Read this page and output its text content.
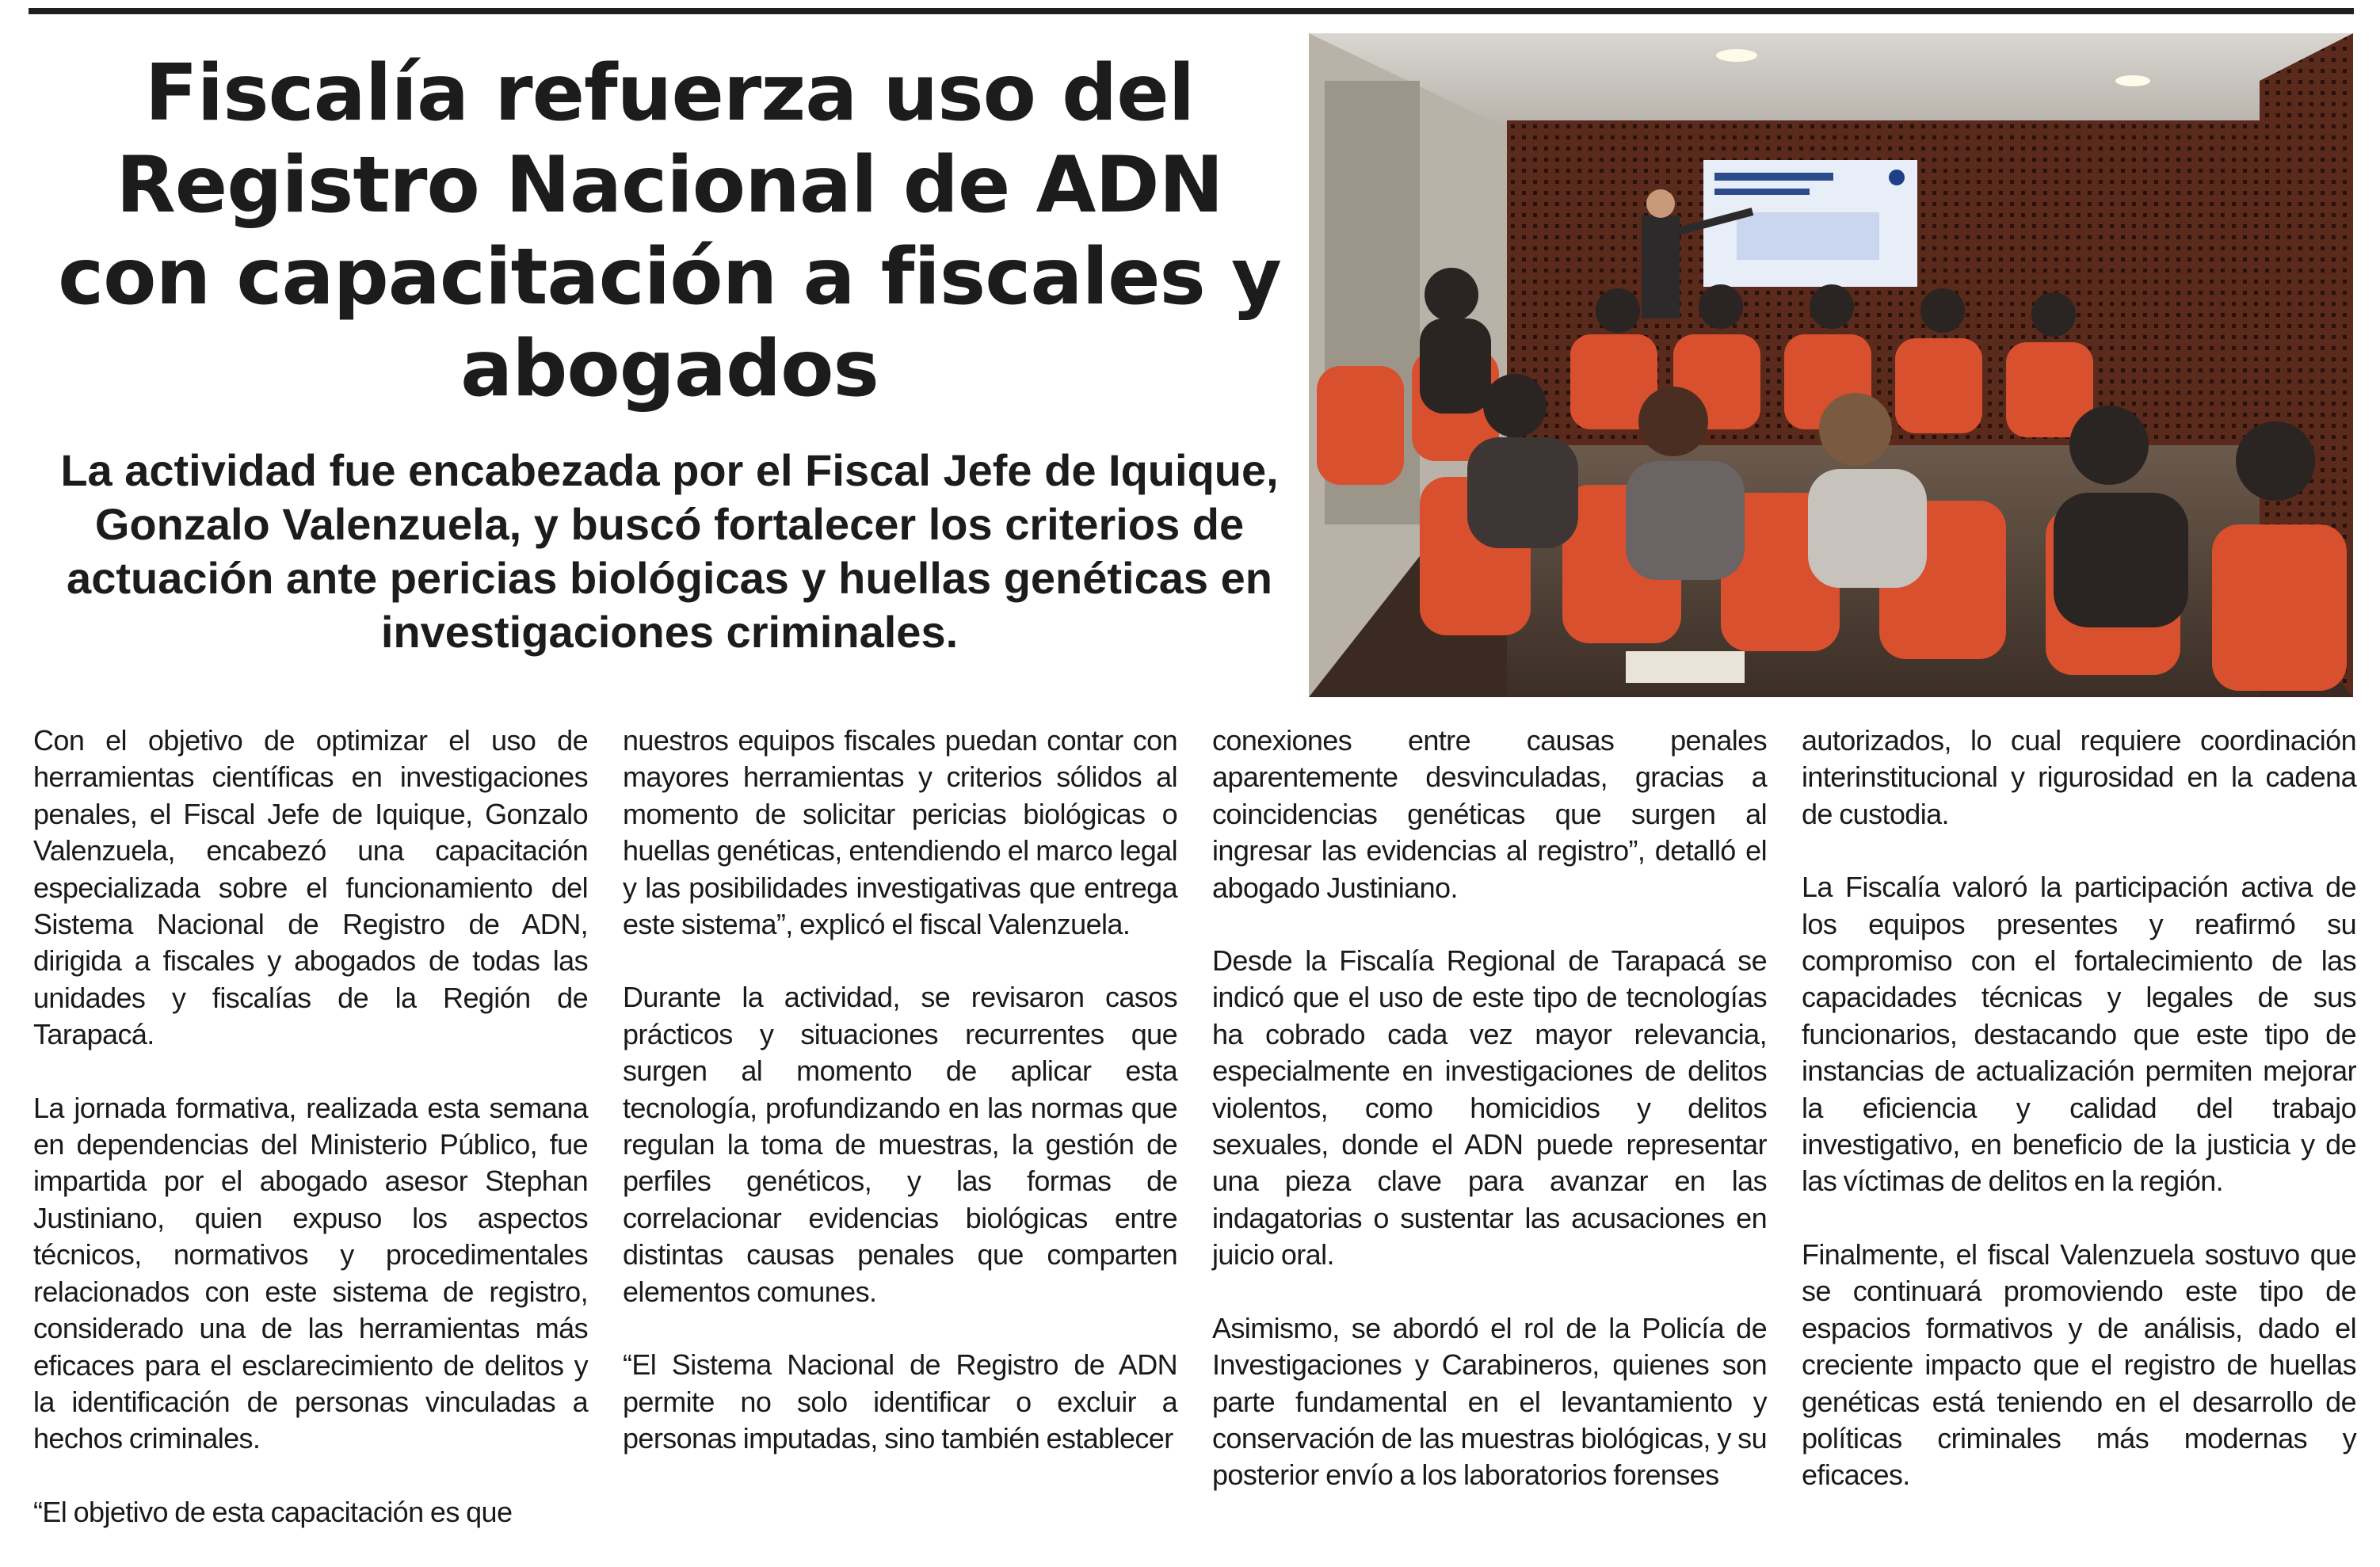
Fiscalía refuerza uso del Registro Nacional de ADN con capacitación a fiscales y abogados
La actividad fue encabezada por el Fiscal Jefe de Iquique, Gonzalo Valenzuela, y buscó fortalecer los criterios de actuación ante pericias biológicas y huellas genéticas en investigaciones criminales.

Con el objetivo de optimizar el uso de herramientas científicas en investigaciones penales, el Fiscal Jefe de Iquique, Gonzalo Valenzuela, encabezó una capacitación especializada sobre el funcionamiento del Sistema Nacional de Registro de ADN, dirigida a fiscales y abogados de todas las unidades y fiscalías de la Región de Tarapacá.

La jornada formativa, realizada esta semana en dependencias del Ministerio Público, fue impartida por el abogado asesor Stephan Justiniano, quien expuso los aspectos técnicos, normativos y procedimentales relacionados con este sistema de registro, considerado una de las herramientas más eficaces para el esclarecimiento de delitos y la identificación de personas vinculadas a hechos criminales.

“El objetivo de esta capacitación es que

nuestros equipos fiscales puedan contar con mayores herramientas y criterios sólidos al momento de solicitar pericias biológicas o huellas genéticas, entendiendo el marco legal y las posibilidades investigativas que entrega este sistema”, explicó el fiscal Valenzuela.

Durante la actividad, se revisaron casos prácticos y situaciones recurrentes que surgen al momento de aplicar esta tecnología, profundizando en las normas que regulan la toma de muestras, la gestión de perfiles genéticos, y las formas de correlacionar evidencias biológicas entre distintas causas penales que comparten elementos comunes.

“El Sistema Nacional de Registro de ADN permite no solo identificar o excluir a personas imputadas, sino también establecer

conexiones entre causas penales aparentemente desvinculadas, gracias a coincidencias genéticas que surgen al ingresar las evidencias al registro”, detalló el abogado Justiniano.

Desde la Fiscalía Regional de Tarapacá se indicó que el uso de este tipo de tecnologías ha cobrado cada vez mayor relevancia, especialmente en investigaciones de delitos violentos, como homicidios y delitos sexuales, donde el ADN puede representar una pieza clave para avanzar en las indagatorias o sustentar las acusaciones en juicio oral.

Asimismo, se abordó el rol de la Policía de Investigaciones y Carabineros, quienes son parte fundamental en el levantamiento y conservación de las muestras biológicas, y su posterior envío a los laboratorios forenses

autorizados, lo cual requiere coordinación interinstitucional y rigurosidad en la cadena de custodia.

La Fiscalía valoró la participación activa de los equipos presentes y reafirmó su compromiso con el fortalecimiento de las capacidades técnicas y legales de sus funcionarios, destacando que este tipo de instancias de actualización permiten mejorar la eficiencia y calidad del trabajo investigativo, en beneficio de la justicia y de las víctimas de delitos en la región.

Finalmente, el fiscal Valenzuela sostuvo que se continuará promoviendo este tipo de espacios formativos y de análisis, dado el creciente impacto que el registro de huellas genéticas está teniendo en el desarrollo de políticas criminales más modernas y eficaces.
